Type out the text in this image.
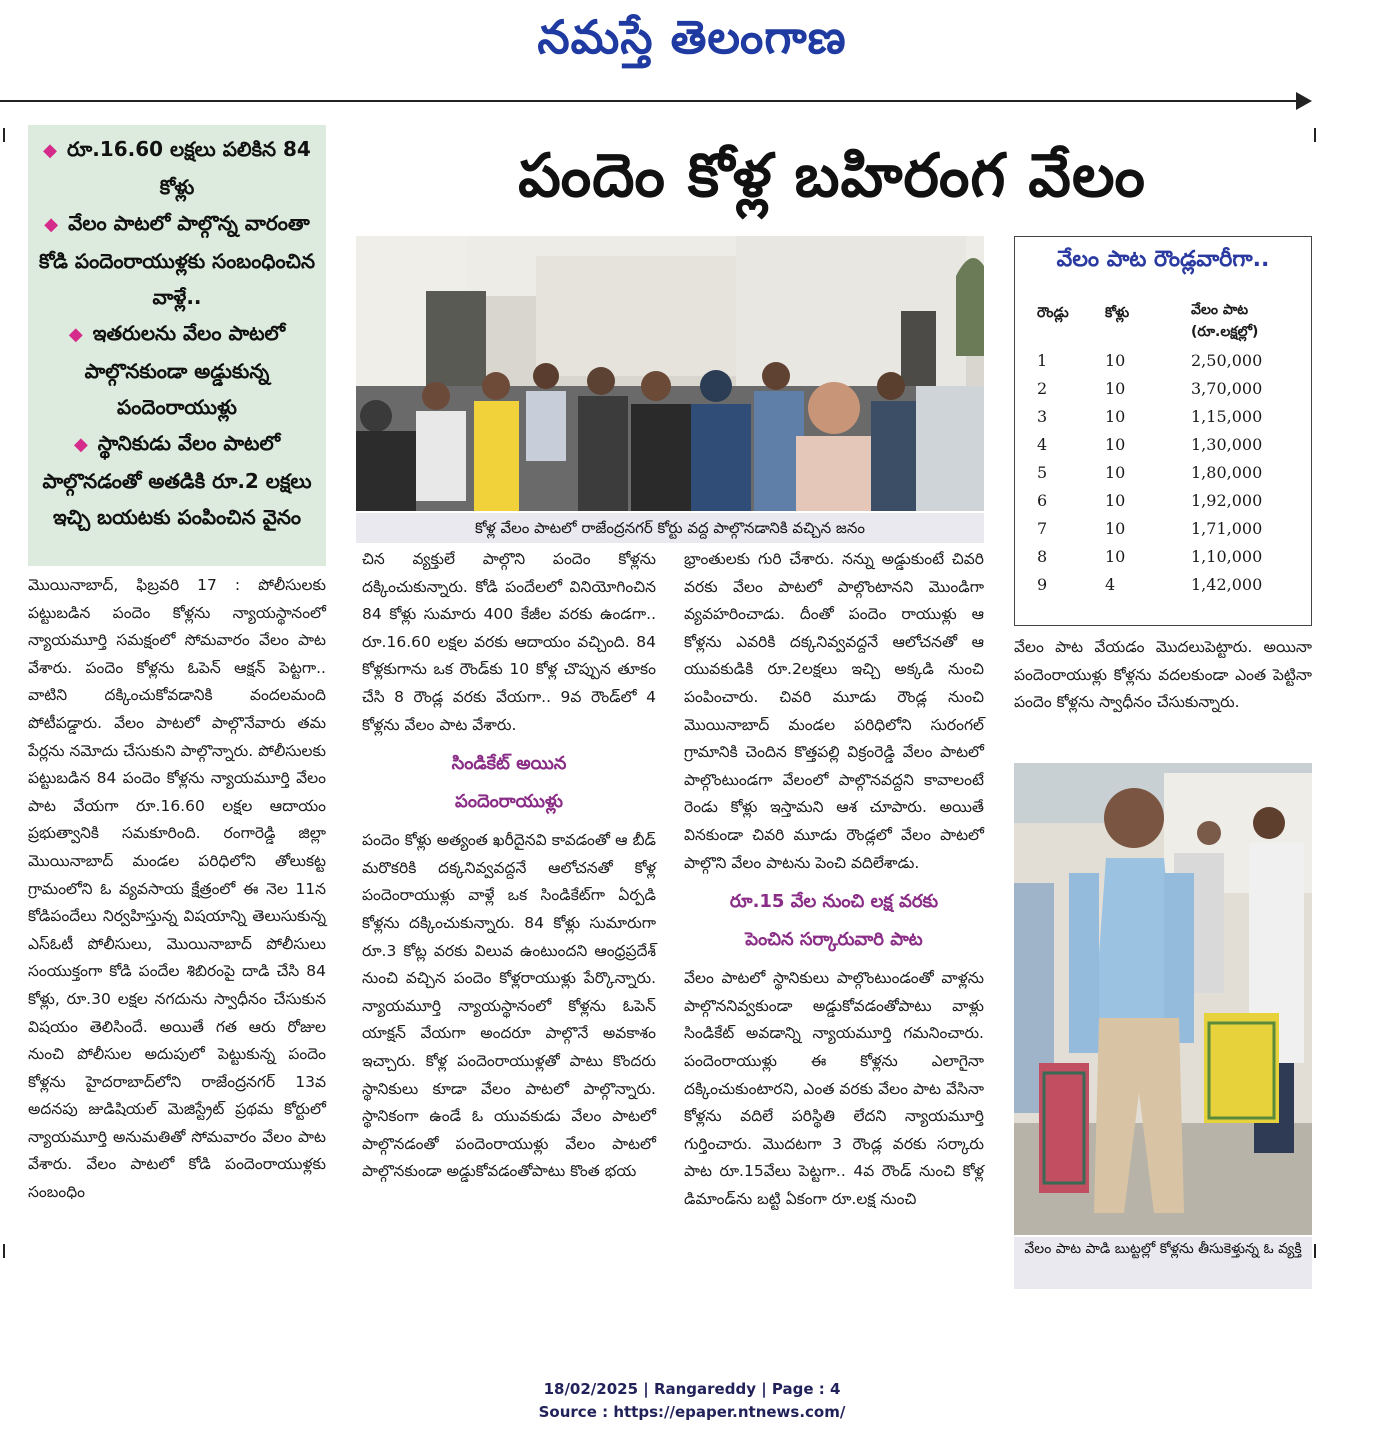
నమస్తే తెలంగాణ
◆ రూ.16.60 లక్షలు పలికిన 84 కోళ్లు
◆ వేలం పాటలో పాల్గొన్న వారంతా కోడి పందెంరాయుళ్లకు సంబంధించిన వాళ్లే..
◆ ఇతరులను వేలం పాటలో పాల్గొనకుండా అడ్డుకున్న పందెంరాయుళ్లు
◆ స్థానికుడు వేలం పాటలో పాల్గొనడంతో అతడికి రూ.2 లక్షలు ఇచ్చి బయటకు పంపించిన వైనం
పందెం కోళ్ల బహిరంగ వేలం
కోళ్ల వేలం పాటలో రాజేంద్రనగర్ కోర్టు వద్ద పాల్గొనడానికి వచ్చిన జనం
వేలం పాట రౌండ్లవారీగా..
రౌండ్లు	కోళ్లు	వేలం పాట (రూ.లక్షల్లో)
1	10	2,50,000
2	10	3,70,000
3	10	1,15,000
4	10	1,30,000
5	10	1,80,000
6	10	1,92,000
7	10	1,71,000
8	10	1,10,000
9	4	1,42,000

మొయినాబాద్, ఫిబ్రవరి 17 : పోలీసులకు పట్టుబడిన పందెం కోళ్లను న్యాయస్థానంలో న్యాయమూర్తి సమక్షంలో సోమవారం వేలం పాట వేశారు. పందెం కోళ్లను ఓపెన్ ఆక్షన్ పెట్టగా.. వాటిని దక్కించుకోవడానికి వందలమంది పోటీపడ్డారు. వేలం పాటలో పాల్గొనేవారు తమ పేర్లను నమోదు చేసుకుని పాల్గొన్నారు. పోలీసులకు పట్టుబడిన 84 పందెం కోళ్లను న్యాయమూర్తి వేలం పాట వేయగా రూ.16.60 లక్షల ఆదాయం ప్రభుత్వానికి సమకూరింది. రంగారెడ్డి జిల్లా మొయినాబాద్ మండల పరిధిలోని తోలుకట్ట గ్రామంలోని ఓ వ్యవసాయ క్షేత్రంలో ఈ నెల 11న కోడిపందేలు నిర్వహిస్తున్న విషయాన్ని తెలుసుకున్న ఎస్ఓటీ పోలీసులు, మొయినాబాద్ పోలీసులు సంయుక్తంగా కోడి పందేల శిబిరంపై దాడి చేసి 84 కోళ్లు, రూ.30 లక్షల నగదును స్వాధీనం చేసుకున విషయం తెలిసిందే. అయితే గత ఆరు రోజుల నుంచి పోలీసుల అదుపులో పెట్టుకున్న పందెం కోళ్లను హైదరాబాద్‌లోని రాజేంద్రనగర్ 13వ అదనపు జుడిషియల్ మెజిస్ట్రేట్ ప్రథమ కోర్టులో న్యాయమూర్తి అనుమతితో సోమవారం వేలం పాట వేశారు. వేలం పాటలో కోడి పందెంరాయుళ్లకు సంబంధిం

చిన వ్యక్తులే పాల్గొని పందెం కోళ్లను దక్కించుకున్నారు. కోడి పందేలలో వినియోగించిన 84 కోళ్లు సుమారు 400 కేజీల వరకు ఉండగా.. రూ.16.60 లక్షల వరకు ఆదాయం వచ్చింది. 84 కోళ్లకుగాను ఒక రౌండ్‌కు 10 కోళ్ల చొప్పున తూకం చేసి 8 రౌండ్ల వరకు వేయగా.. 9వ రౌండ్‌లో 4 కోళ్లను వేలం పాట వేశారు.

సిండికేట్ అయిన
పందెంరాయుళ్లు

పందెం కోళ్లు అత్యంత ఖరీదైనవి కావడంతో ఆ బీడ్ మరొకరికి దక్కనివ్వవద్దనే ఆలోచనతో కోళ్ల పందెంరాయుళ్లు వాళ్లే ఒక సిండికేట్‌గా ఏర్పడి కోళ్లను దక్కించుకున్నారు. 84 కోళ్లు సుమారుగా రూ.3 కోట్ల వరకు విలువ ఉంటుందని ఆంధ్రప్రదేశ్ నుంచి వచ్చిన పందెం కోళ్లరాయుళ్లు పేర్కొన్నారు. న్యాయమూర్తి న్యాయస్థానంలో కోళ్లను ఓపెన్ యాక్షన్ వేయగా అందరూ పాల్గొనే అవకాశం ఇచ్చారు. కోళ్ల పందెంరాయుళ్లతో పాటు కొందరు స్థానికులు కూడా వేలం పాటలో పాల్గొన్నారు. స్థానికంగా ఉండే ఓ యువకుడు వేలం పాటలో పాల్గొనడంతో పందెంరాయుళ్లు వేలం పాటలో పాల్గొనకుండా అడ్డుకోవడంతోపాటు కొంత భయ

భ్రాంతులకు గురి చేశారు. నన్ను అడ్డుకుంటే చివరి వరకు వేలం పాటలో పాల్గొంటానని మొండిగా వ్యవహరించాడు. దీంతో పందెం రాయుళ్లు ఆ కోళ్లను ఎవరికి దక్కనివ్వవద్దనే ఆలోచనతో ఆ యువకుడికి రూ.2లక్షలు ఇచ్చి అక్కడి నుంచి పంపించారు. చివరి మూడు రౌండ్ల నుంచి మొయినాబాద్ మండల పరిధిలోని సురంగల్ గ్రామానికి చెందిన కొత్తపల్లి విక్రంరెడ్డి వేలం పాటలో పాల్గొంటుండగా వేలంలో పాల్గొనవద్దని కావాలంటే రెండు కోళ్లు ఇస్తామని ఆశ చూపారు. అయితే వినకుండా చివరి మూడు రౌండ్లలో వేలం పాటలో పాల్గొని వేలం పాటను పెంచి వదిలేశాడు.

రూ.15 వేల నుంచి లక్ష వరకు
పెంచిన సర్కారువారి పాట

వేలం పాటలో స్థానికులు పాల్గొంటుండంతో వాళ్లను పాల్గొననివ్వకుండా అడ్డుకోవడంతోపాటు వాళ్లు సిండికేట్ అవడాన్ని న్యాయమూర్తి గమనించారు. పందెంరాయుళ్లు ఈ కోళ్లను ఎలాగైనా దక్కించుకుంటారని, ఎంత వరకు వేలం పాట వేసినా కోళ్లను వదిలే పరిస్థితి లేదని న్యాయమూర్తి గుర్తించారు. మొదటగా 3 రౌండ్ల వరకు సర్కారు పాట రూ.15వేలు పెట్టగా.. 4వ రౌండ్ నుంచి కోళ్ల డిమాండ్‌ను బట్టి ఏకంగా రూ.లక్ష నుంచి

వేలం పాట వేయడం మొదలుపెట్టారు. అయినా పందెంరాయుళ్లు కోళ్లను వదలకుండా ఎంత పెట్టినా పందెం కోళ్లను స్వాధీనం చేసుకున్నారు.

వేలం పాట పాడి బుట్టల్లో కోళ్లను తీసుకెళ్తున్న ఓ వ్యక్తి
18/02/2025 | Rangareddy | Page : 4
Source : https://epaper.ntnews.com/
